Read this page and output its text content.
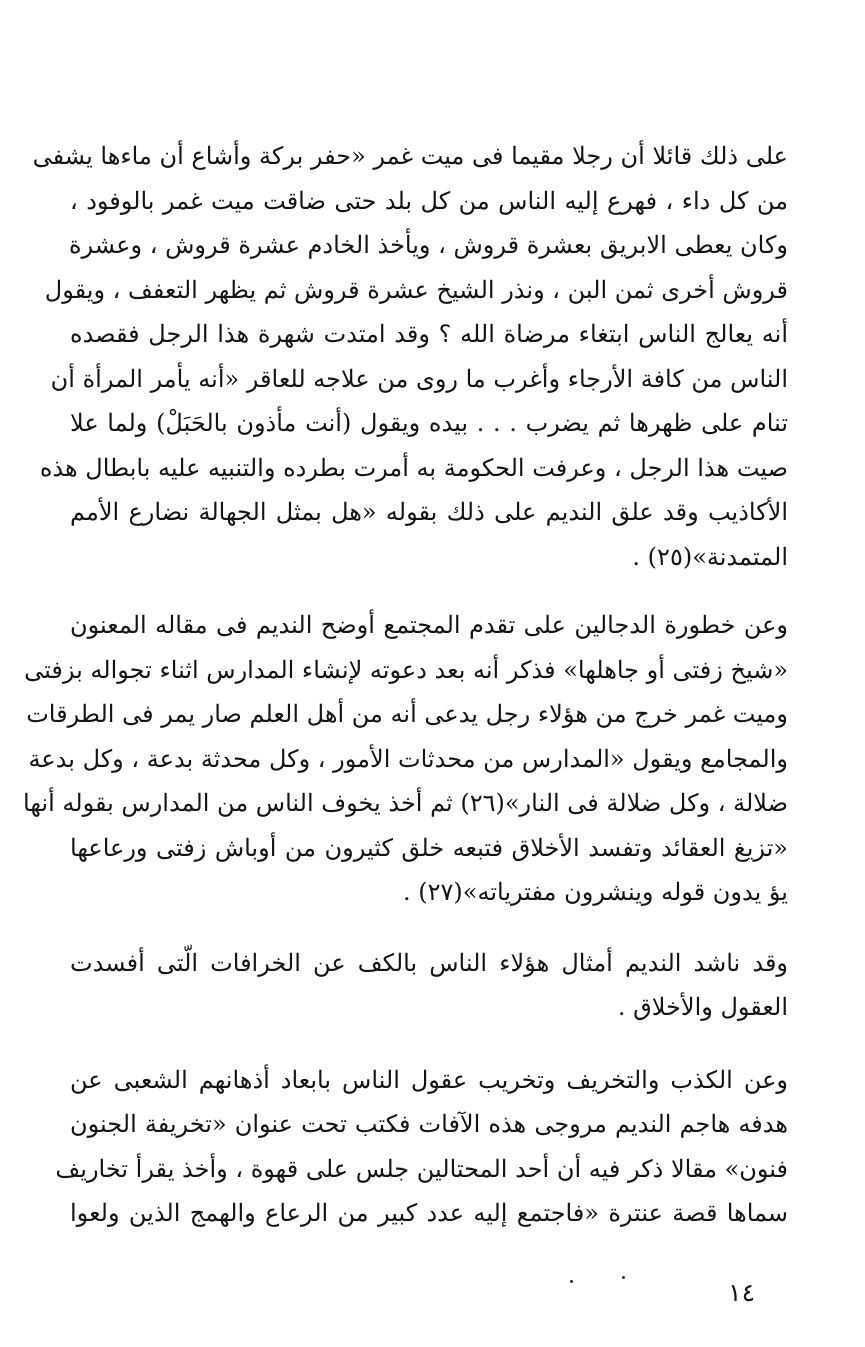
على ذلك قائلا أن رجلا مقيما فى ميت غمر «حفر بركة وأشاع أن ماءها يشفى
من كل داء ، فهرع إليه الناس من كل بلد حتى ضاقت ميت غمر بالوفود ،
وكان يعطى الابريق بعشرة قروش ، ويأخذ الخادم عشرة قروش ، وعشرة
قروش أخرى ثمن البن ، ونذر الشيخ عشرة قروش ثم يظهر التعفف ، ويقول
أنه يعالج الناس ابتغاء مرضاة الله ؟ وقد امتدت شهرة هذا الرجل فقصده
الناس من كافة الأرجاء وأغرب ما روى من علاجه للعاقر «أنه يأمر المرأة أن
تنام على ظهرها ثم يضرب . . . بيده ويقول (أنت مأذون بالحَبَلْ) ولما علا
صيت هذا الرجل ، وعرفت الحكومة به أمرت بطرده والتنبيه عليه بابطال هذه
الأكاذيب وقد علق النديم على ذلك بقوله «هل بمثل الجهالة نضارع الأمم
المتمدنة»(٢٥) .
وعن خطورة الدجالين على تقدم المجتمع أوضح النديم فى مقاله المعنون
«شيخ زفتى أو جاهلها» فذكر أنه بعد دعوته لإنشاء المدارس اثناء تجواله بزفتى
وميت غمر خرج من هؤلاء رجل يدعى أنه من أهل العلم صار يمر فى الطرقات
والمجامع ويقول «المدارس من محدثات الأمور ، وكل محدثة بدعة ، وكل بدعة
ضلالة ، وكل ضلالة فى النار»(٢٦) ثم أخذ يخوف الناس من المدارس بقوله أنها
«تزيغ العقائد وتفسد الأخلاق فتبعه خلق كثيرون من أوباش زفتى ورعاعها
يؤ يدون قوله وينشرون مفترياته»(٢٧) .
وقد ناشد النديم أمثال هؤلاء الناس بالكف عن الخرافات الّتى أفسدت
العقول والأخلاق .
وعن الكذب والتخريف وتخريب عقول الناس بابعاد أذهانهم الشعبى عن
هدفه هاجم النديم مروجى هذه الآفات فكتب تحت عنوان «تخريفة الجنون
فنون» مقالا ذكر فيه أن أحد المحتالين جلس على قهوة ، وأخذ يقرأ تخاريف
سماها قصة عنترة «فاجتمع إليه عدد كبير من الرعاع والهمج الذين ولعوا
١٤
